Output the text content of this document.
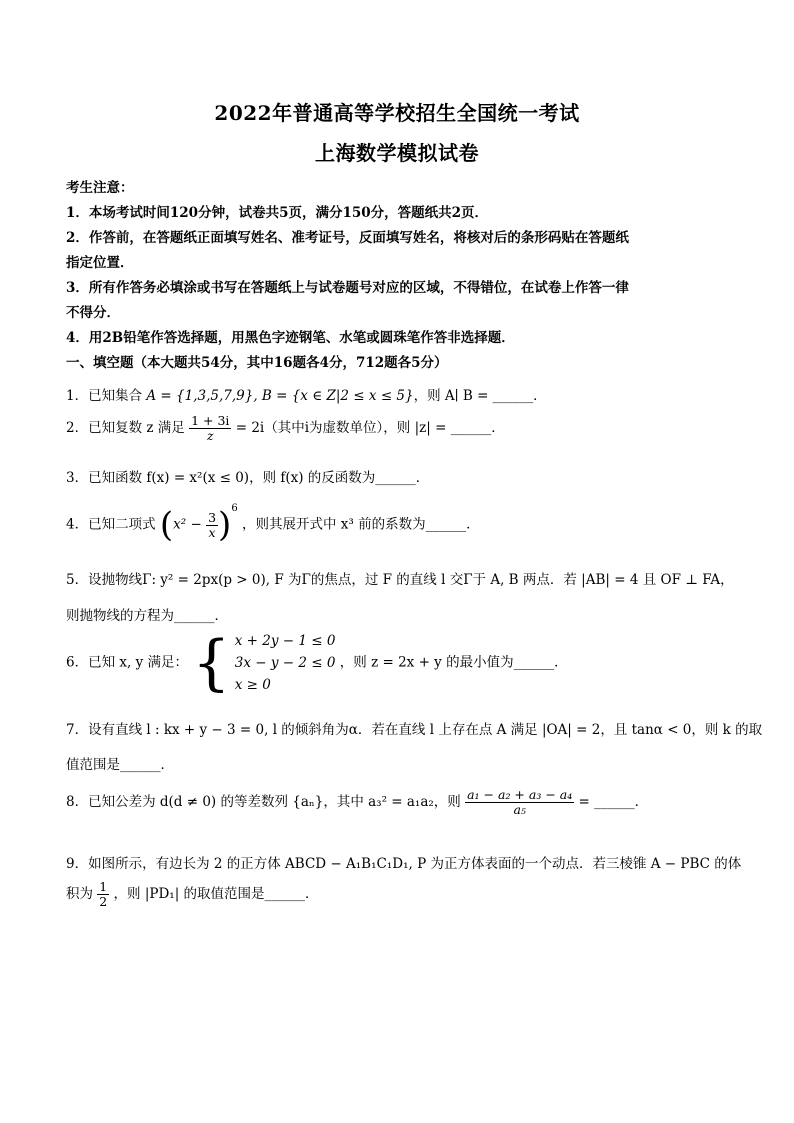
2022年普通高等学校招生全国统一考试
上海数学模拟试卷
考生注意：
1．本场考试时间120分钟，试卷共5页，满分150分，答题纸共2页．
2．作答前，在答题纸正面填写姓名、准考证号，反面填写姓名，将核对后的条形码贴在答题纸
指定位置．
3．所有作答务必填涂或书写在答题纸上与试卷题号对应的区域，不得错位，在试卷上作答一律
不得分．
4．用2B铅笔作答选择题，用黑色字迹钢笔、水笔或圆珠笔作答非选择题．
一、填空题（本大题共54分，其中16题各4分，712题各5分）
1．已知集合 A = {1,3,5,7,9}, B = {x ∈ Z|2 ≤ x ≤ 5}，则 A∣ B = ______．
2．已知复数 z 满足 $\frac{1 + 3i}{z} = 2i$（其中i为虚数单位），则 |z| = ______．
3．已知函数 f(x) = x²(x ≤ 0)，则 f(x) 的反函数为______．
4．已知二项式 $(x^2 - \frac{3}{x} )^6$ ，则其展开式中 x³ 前的系数为______．
5．设抛物线Γ: y² = 2px(p > 0), F 为Γ的焦点，过 F 的直线 l 交Γ于 A, B 两点．若 |AB| = 4 且 OF ⊥ FA，
则抛物线的方程为______．
6．已知 x, y 满足： { x + 2y − 1 ≤ 0
3x − y − 2 ≤ 0
x ≥ 0
，则 z = 2x + y 的最小值为______．
7．设有直线 l : kx + y − 3 = 0, l 的倾斜角为α．若在直线 l 上存在点 A 满足 |OA| = 2，且 tanα < 0，则 k 的取
值范围是______．
8．已知公差为 d(d ≠ 0) 的等差数列 {aₙ}，其中 a₃² = a₁a₂，则 $\frac{\text{a₁ − a₂ + a₃ − a₄}}{\text{a₅}}$ = ______．
9．如图所示，有边长为 2 的正方体 ABCD − A₁B₁C₁D₁, P 为正方体表面的一个动点．若三棱锥 A − PBC 的体
积为 $\frac{1}{2}$ ，则 |PD₁| 的取值范围是______．
